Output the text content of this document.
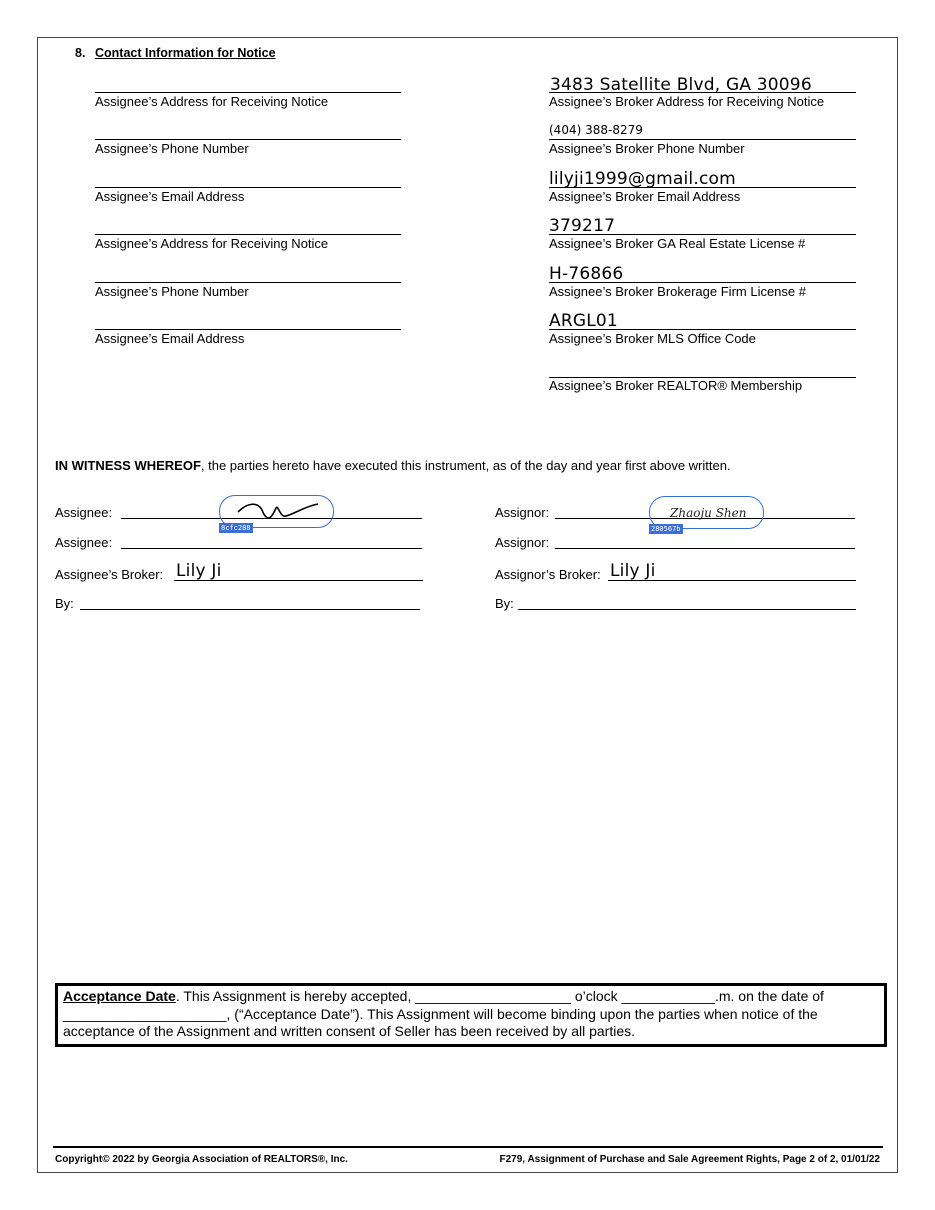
8. Contact Information for Notice
Assignee’s Address for Receiving Notice
Assignee’s Phone Number
Assignee’s Email Address
Assignee’s Address for Receiving Notice
Assignee’s Phone Number
Assignee’s Email Address
3483 Satellite Blvd, GA 30096
Assignee’s Broker Address for Receiving Notice
(404) 388-8279
Assignee’s Broker Phone Number
lilyji1999@gmail.com
Assignee’s Broker Email Address
379217
Assignee’s Broker GA Real Estate License #
H-76866
Assignee’s Broker Brokerage Firm License #
ARGL01
Assignee’s Broker MLS Office Code
Assignee’s Broker REALTOR® Membership
IN WITNESS WHEREOF, the parties hereto have executed this instrument, as of the day and year first above written.
Assignee:
8cfc288
Assignee:
Assignee’s Broker: Lily Ji
By:
Assignor:	Zhaoju Shen
280567b
Assignor:
Assignor’s Broker: Lily Ji
By:
Acceptance Date. This Assignment is hereby accepted, ____________________ o’clock ____________.m. on the date of
_____________________, (“Acceptance Date”). This Assignment will become binding upon the parties when notice of the
acceptance of the Assignment and written consent of Seller has been received by all parties.
Copyright© 2022 by Georgia Association of REALTORS®, Inc.	F279, Assignment of Purchase and Sale Agreement Rights, Page 2 of 2, 01/01/22
